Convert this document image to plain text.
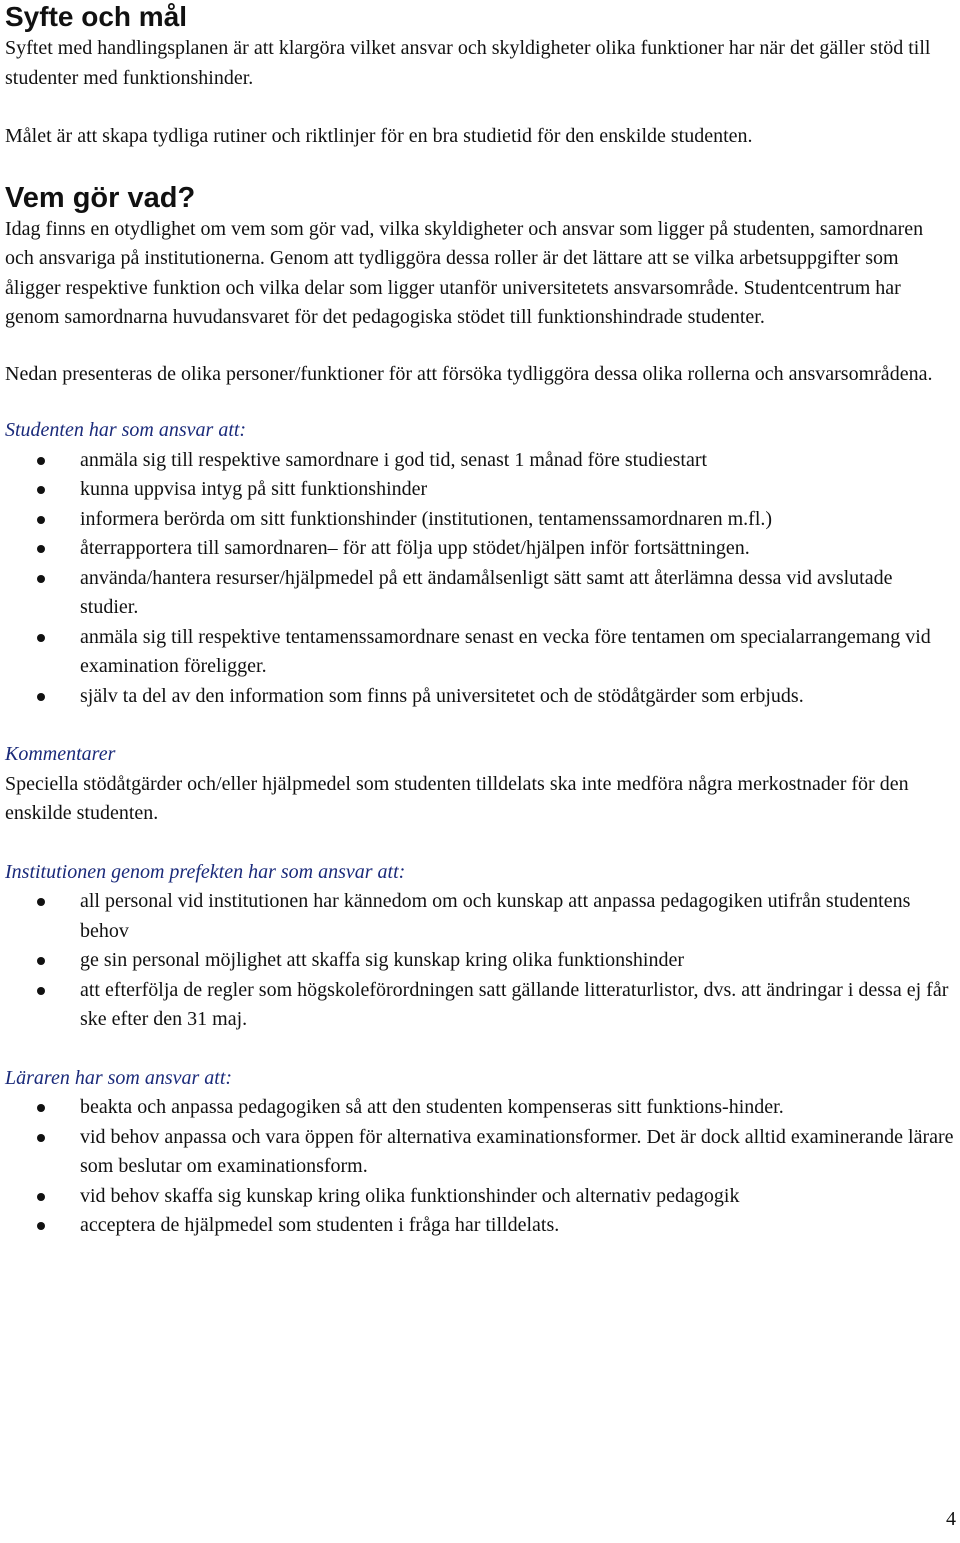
Syfte och mål

Syftet med handlingsplanen är att klargöra vilket ansvar och skyldigheter olika funktioner har när det gäller stöd till studenter med funktionshinder.

Målet är att skapa tydliga rutiner och riktlinjer för en bra studietid för den enskilde studenten.

Vem gör vad?

Idag finns en otydlighet om vem som gör vad, vilka skyldigheter och ansvar som ligger på studenten, samordnaren och ansvariga på institutionerna. Genom att tydliggöra dessa roller är det lättare att se vilka arbetsuppgifter som åligger respektive funktion och vilka delar som ligger utanför universitetets ansvarsområde. Studentcentrum har genom samordnarna huvudansvaret för det pedagogiska stödet till funktionshindrade studenter.

Nedan presenteras de olika personer/funktioner för att försöka tydliggöra dessa olika rollerna och ansvarsområdena.

Studenten har som ansvar att:

anmäla sig till respektive samordnare i god tid, senast 1 månad före studiestart
kunna uppvisa intyg på sitt funktionshinder
informera berörda om sitt funktionshinder (institutionen, tentamenssamordnaren m.fl.)
återrapportera till samordnaren– för att följa upp stödet/hjälpen inför fortsättningen.
använda/hantera resurser/hjälpmedel på ett ändamålsenligt sätt samt att återlämna dessa vid avslutade studier.
anmäla sig till respektive tentamenssamordnare senast en vecka före tentamen om specialarrangemang vid examination föreligger.
själv ta del av den information som finns på universitetet och de stödåtgärder som erbjuds.

Kommentarer

Speciella stödåtgärder och/eller hjälpmedel som studenten tilldelats ska inte medföra några merkostnader för den enskilde studenten.

Institutionen genom prefekten har som ansvar att:

all personal vid institutionen har kännedom om och kunskap att anpassa pedagogiken utifrån studentens behov
ge sin personal möjlighet att skaffa sig kunskap kring olika funktionshinder
att efterfölja de regler som högskoleförordningen satt gällande litteraturlistor, dvs. att ändringar i dessa ej får ske efter den 31 maj.

Läraren har som ansvar att:

beakta och anpassa pedagogiken så att den studenten kompenseras sitt funktions-hinder.
vid behov anpassa och vara öppen för alternativa examinationsformer. Det är dock alltid examinerande lärare som beslutar om examinationsform.
vid behov skaffa sig kunskap kring olika funktionshinder och alternativ pedagogik
acceptera de hjälpmedel som studenten i fråga har tilldelats.
4
